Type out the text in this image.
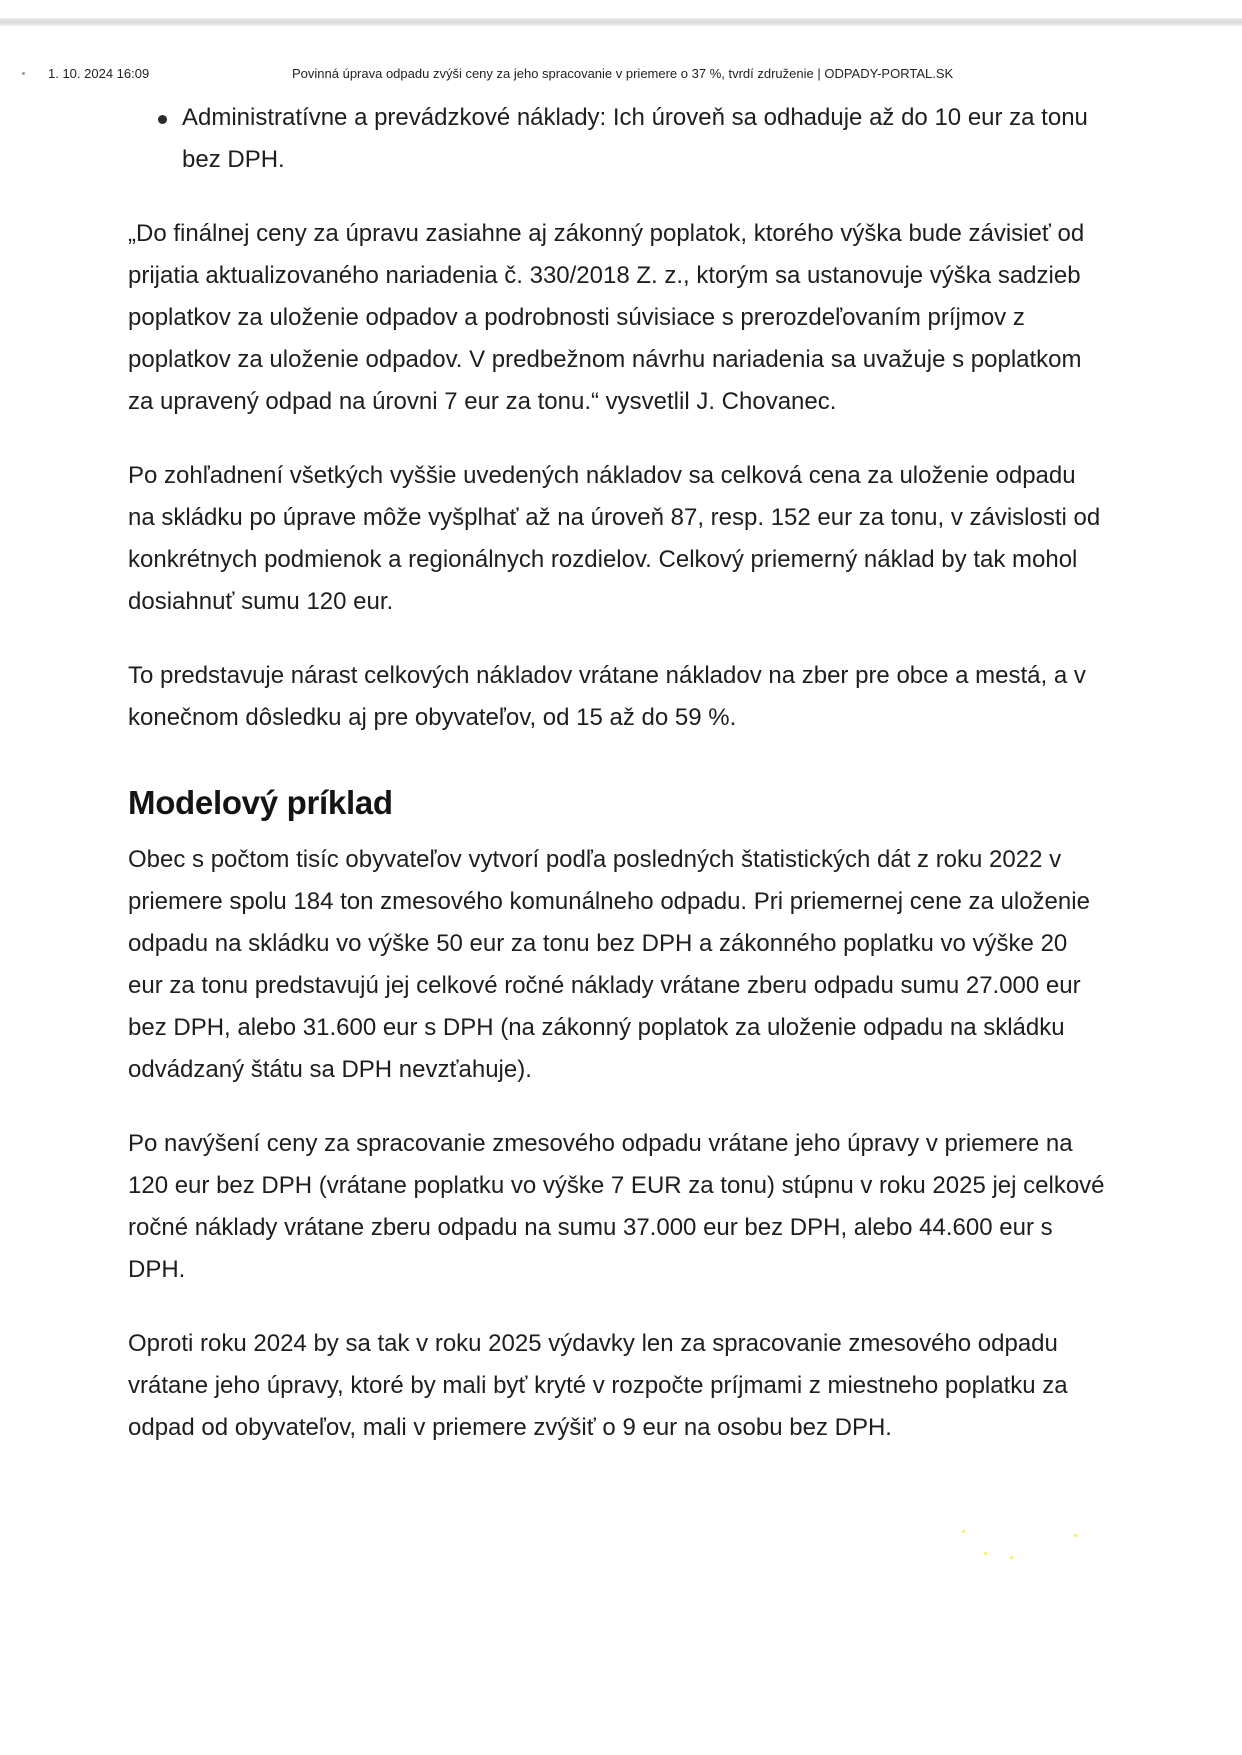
1. 10. 2024 16:09	Povinná úprava odpadu zvýši ceny za jeho spracovanie v priemere o 37 %, tvrdí združenie | ODPADY-PORTAL.SK
Administratívne a prevádzkové náklady: Ich úroveň sa odhaduje až do 10 eur za tonu bez DPH.

„Do finálnej ceny za úpravu zasiahne aj zákonný poplatok, ktorého výška bude závisieť od prijatia aktualizovaného nariadenia č. 330/2018 Z. z., ktorým sa ustanovuje výška sadzieb poplatkov za uloženie odpadov a podrobnosti súvisiace s prerozdeľovaním príjmov z poplatkov za uloženie odpadov. V predbežnom návrhu nariadenia sa uvažuje s poplatkom za upravený odpad na úrovni 7 eur za tonu.“ vysvetlil J. Chovanec.

Po zohľadnení všetkých vyššie uvedených nákladov sa celková cena za uloženie odpadu na skládku po úprave môže vyšplhať až na úroveň 87, resp. 152 eur za tonu, v závislosti od konkrétnych podmienok a regionálnych rozdielov. Celkový priemerný náklad by tak mohol dosiahnuť sumu 120 eur.

To predstavuje nárast celkových nákladov vrátane nákladov na zber pre obce a mestá, a v konečnom dôsledku aj pre obyvateľov, od 15 až do 59 %.

Modelový príklad

Obec s počtom tisíc obyvateľov vytvorí podľa posledných štatistických dát z roku 2022 v priemere spolu 184 ton zmesového komunálneho odpadu. Pri priemernej cene za uloženie odpadu na skládku vo výške 50 eur za tonu bez DPH a zákonného poplatku vo výške 20 eur za tonu predstavujú jej celkové ročné náklady vrátane zberu odpadu sumu 27.000 eur bez DPH, alebo 31.600 eur s DPH (na zákonný poplatok za uloženie odpadu na skládku odvádzaný štátu sa DPH nevzťahuje).

Po navýšení ceny za spracovanie zmesového odpadu vrátane jeho úpravy v priemere na 120 eur bez DPH (vrátane poplatku vo výške 7 EUR za tonu) stúpnu v roku 2025 jej celkové ročné náklady vrátane zberu odpadu na sumu 37.000 eur bez DPH, alebo 44.600 eur s DPH.

Oproti roku 2024 by sa tak v roku 2025 výdavky len za spracovanie zmesového odpadu vrátane jeho úpravy, ktoré by mali byť kryté v rozpočte príjmami z miestneho poplatku za odpad od obyvateľov, mali v priemere zvýšiť o 9 eur na osobu bez DPH.
